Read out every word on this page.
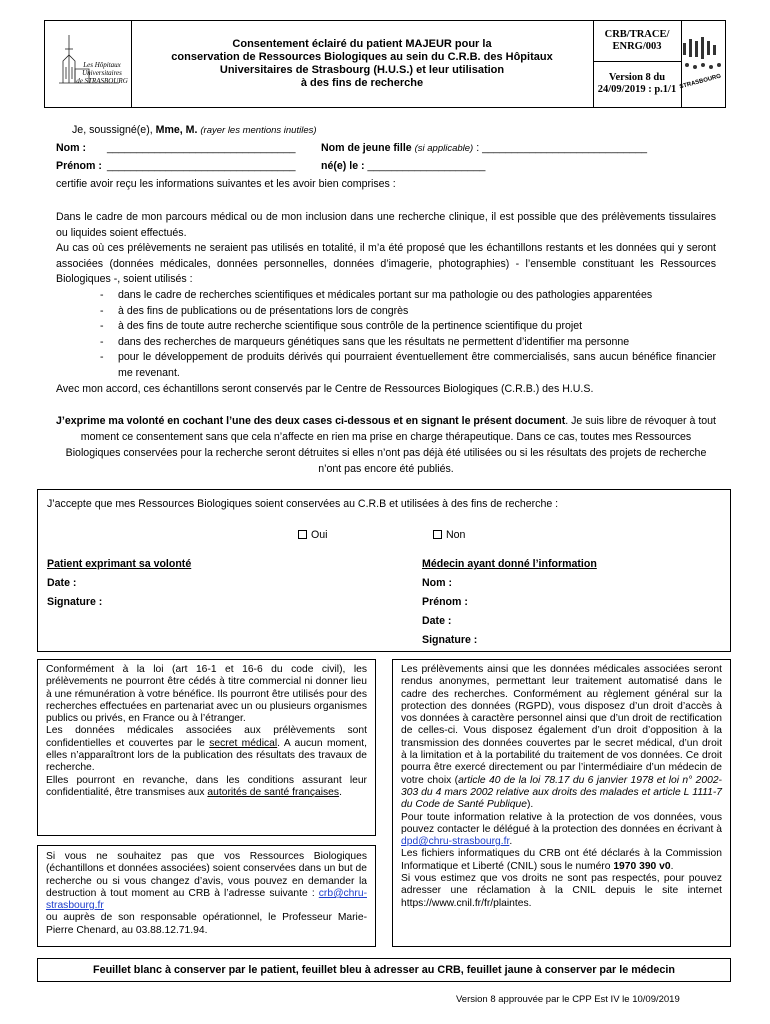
Les Hôpitaux
Universitaires
de STRASBOURG
Consentement éclairé du patient MAJEUR pour la
conservation de Ressources Biologiques au sein du C.R.B. des Hôpitaux
Universitaires de Strasbourg (H.U.S.) et leur utilisation
à des fins de recherche
CRB/TRACE/
ENRG/003
Version 8 du
24/09/2019 : p.1/1 STRASBOURG
Je, soussigné(e), Mme, M. (rayer les mentions inutiles)
Nom : ________________________________ Nom de jeune fille (si applicable) : ____________________________
Prénom : ________________________________ né(e) le : ____________________
certifie avoir reçu les informations suivantes et les avoir bien comprises :

Dans le cadre de mon parcours médical ou de mon inclusion dans une recherche clinique, il est possible que des prélèvements tissulaires ou liquides soient effectués.

Au cas où ces prélèvements ne seraient pas utilisés en totalité, il m’a été proposé que les échantillons restants et les données qui y seront associées (données médicales, données personnelles, données d’imagerie, photographies) - l’ensemble constituant les Ressources Biologiques -, soient utilisés :

- dans le cadre de recherches scientifiques et médicales portant sur ma pathologie ou des pathologies apparentées
- à des fins de publications ou de présentations lors de congrès
- à des fins de toute autre recherche scientifique sous contrôle de la pertinence scientifique du projet
- dans des recherches de marqueurs génétiques sans que les résultats ne permettent d’identifier ma personne
- pour le développement de produits dérivés qui pourraient éventuellement être commercialisés, sans aucun bénéfice financier me revenant.
Avec mon accord, ces échantillons seront conservés par le Centre de Ressources Biologiques (C.R.B.) des H.U.S.
J’exprime ma volonté en cochant l’une des deux cases ci-dessous et en signant le présent document. Je suis libre de révoquer à tout moment ce consentement sans que cela n’affecte en rien ma prise en charge thérapeutique. Dans ce cas, toutes mes Ressources Biologiques conservées pour la recherche seront détruites si elles n’ont pas déjà été utilisées ou si les résultats des projets de recherche n’ont pas encore été publiés.
J’accepte que mes Ressources Biologiques soient conservées au C.R.B et utilisées à des fins de recherche :
Oui	Non
Patient exprimant sa volonté
Date :
Signature :
Médecin ayant donné l’information
Nom :
Prénom :
Date :
Signature :
Conformément à la loi (art 16-1 et 16-6 du code civil), les prélèvements ne pourront être cédés à titre commercial ni donner lieu à une rémunération à votre bénéfice. Ils pourront être utilisés pour des recherches effectuées en partenariat avec un ou plusieurs organismes publics ou privés, en France ou à l’étranger.
Les données médicales associées aux prélèvements sont confidentielles et couvertes par le secret médical. A aucun moment, elles n’apparaîtront lors de la publication des résultats des travaux de recherche.
Elles pourront en revanche, dans les conditions assurant leur confidentialité, être transmises aux autorités de santé françaises.
Si vous ne souhaitez pas que vos Ressources Biologiques (échantillons et données associées) soient conservées dans un but de recherche ou si vous changez d’avis, vous pouvez en demander la destruction à tout moment au CRB à l’adresse suivante : crb@chru-strasbourg.fr
ou auprès de son responsable opérationnel, le Professeur Marie-Pierre Chenard, au 03.88.12.71.94.
Les prélèvements ainsi que les données médicales associées seront rendus anonymes, permettant leur traitement automatisé dans le cadre des recherches. Conformément au règlement général sur la protection des données (RGPD), vous disposez d’un droit d’accès à vos données à caractère personnel ainsi que d’un droit de rectification de celles-ci. Vous disposez également d’un droit d’opposition à la transmission des données couvertes par le secret médical, d’un droit à la limitation et à la portabilité du traitement de vos données. Ce droit pourra être exercé directement ou par l’intermédiaire d’un médecin de votre choix (article 40 de la loi 78.17 du 6 janvier 1978 et loi n° 2002-303 du 4 mars 2002 relative aux droits des malades et article L 1111-7 du Code de Santé Publique).
Pour toute information relative à la protection de vos données, vous pouvez contacter le délégué à la protection des données en écrivant à dpd@chru-strasbourg.fr.
Les fichiers informatiques du CRB ont été déclarés à la Commission Informatique et Liberté (CNIL) sous le numéro 1970 390 v0.
Si vous estimez que vos droits ne sont pas respectés, pour pouvez adresser une réclamation à la CNIL depuis le site internet https://www.cnil.fr/fr/plaintes.
Feuillet blanc à conserver par le patient, feuillet bleu à adresser au CRB, feuillet jaune à conserver par le médecin
Version 8 approuvée par le CPP Est IV le 10/09/2019
